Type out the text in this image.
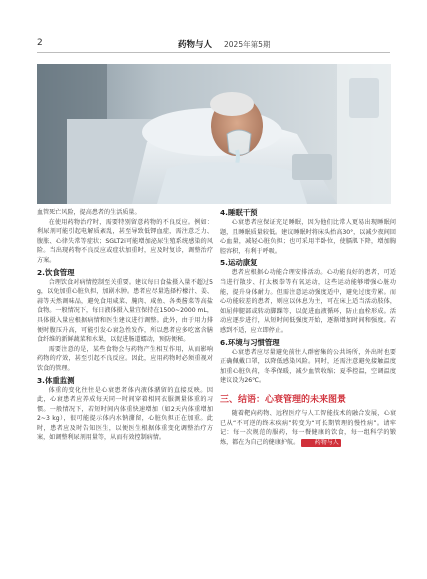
2	药物与人 2025年第5期

血管死亡风险，提高患者的生活质量。

在使用药物治疗时，需要特别留意药物的不良反应。例如：利尿剂可能引起电解质紊乱，甚至导致低钾血症，需注意乏力、腹胀、心律失常等症状；SGLT2i可能增加泌尿生殖系统感染的风险。当出现药物不良反应或症状加重时，应及时复诊，调整治疗方案。

2.饮食管理

合理饮食对病情控制至关重要。建议每日食盐摄入量不超过5 g，以免加重心脏负担，加剧水肿。患者应尽量选择柠檬汁、姜、蒜等天然调味品，避免食用咸菜、腌肉、咸鱼、各类酱菜等高盐食物。一般情况下，每日液体摄入量宜保持在1500~2000 mL，具体摄入量应根据病情和医生建议进行调整。此外，由于用力排便时腹压升高，可能引发心衰急性发作，所以患者应多吃富含膳食纤维的新鲜蔬菜和水果，以促进肠道蠕动，预防便秘。

需要注意的是，某些食物会与药物产生相互作用，从而影响药物的疗效，甚至引起不良反应。因此，应用药物时必须重视对饮食的管理。

3.体重监测

体重的变化往往是心衰患者体内液体潴留的直接反映。因此，心衰患者应养成每天同一时间穿着相同衣服测量体重的习惯。一般情况下，若短时间内体重快速增加（如2天内体重增加2~3 kg），很可能提示体内水钠潴留，心脏负担正在加重。此时，患者应及时告知医生，以便医生根据体重变化调整治疗方案，如调整利尿剂用量等，从而有效控制病情。

4.睡眠干预

心衰患者应保证充足睡眠，因为他们比常人更易出现睡眠问题，且睡眠质量较低。建议睡眠时将床头抬高30°，以减少夜间回心血量，减轻心脏负担；也可采用半卧位，使膈肌下降，增加胸腔容积，有利于呼吸。

5.运动康复

患者应根据心功能合理安排活动。心功能良好的患者，可适当进行散步、打太极拳等有氧运动，这些运动能够增强心脏功能，提升身体耐力。但需注意运动强度适中，避免过度劳累。而心功能较差的患者，则应以休息为主，可在床上适当活动肢体，如屈伸腿部或转动脚踝等，以促进血液循环，防止血栓形成。活动应逐步进行，从短时间低强度开始，逐渐增加时间和强度。若感到不适，应立即停止。

6.环境与习惯管理

心衰患者应尽量避免前往人群密集的公共场所，外出时也要正确佩戴口罩，以降低感染风险。同时，还需注意避免接触温度加重心脏负荷，冬季保暖，减少血管收缩；夏季控温，空调温度建议设为26℃。

三、结语：心衰管理的未来图景

随着靶向药物、远程医疗与人工智能技术的融合发展，心衰已从“不可逆的终末疾病”转变为“可长期管理的慢性病”。请牢记：每一次规范的服药，每一餐健康的饮食，每一组科学的锻炼，都在为自己的健康护航。	药物与人
